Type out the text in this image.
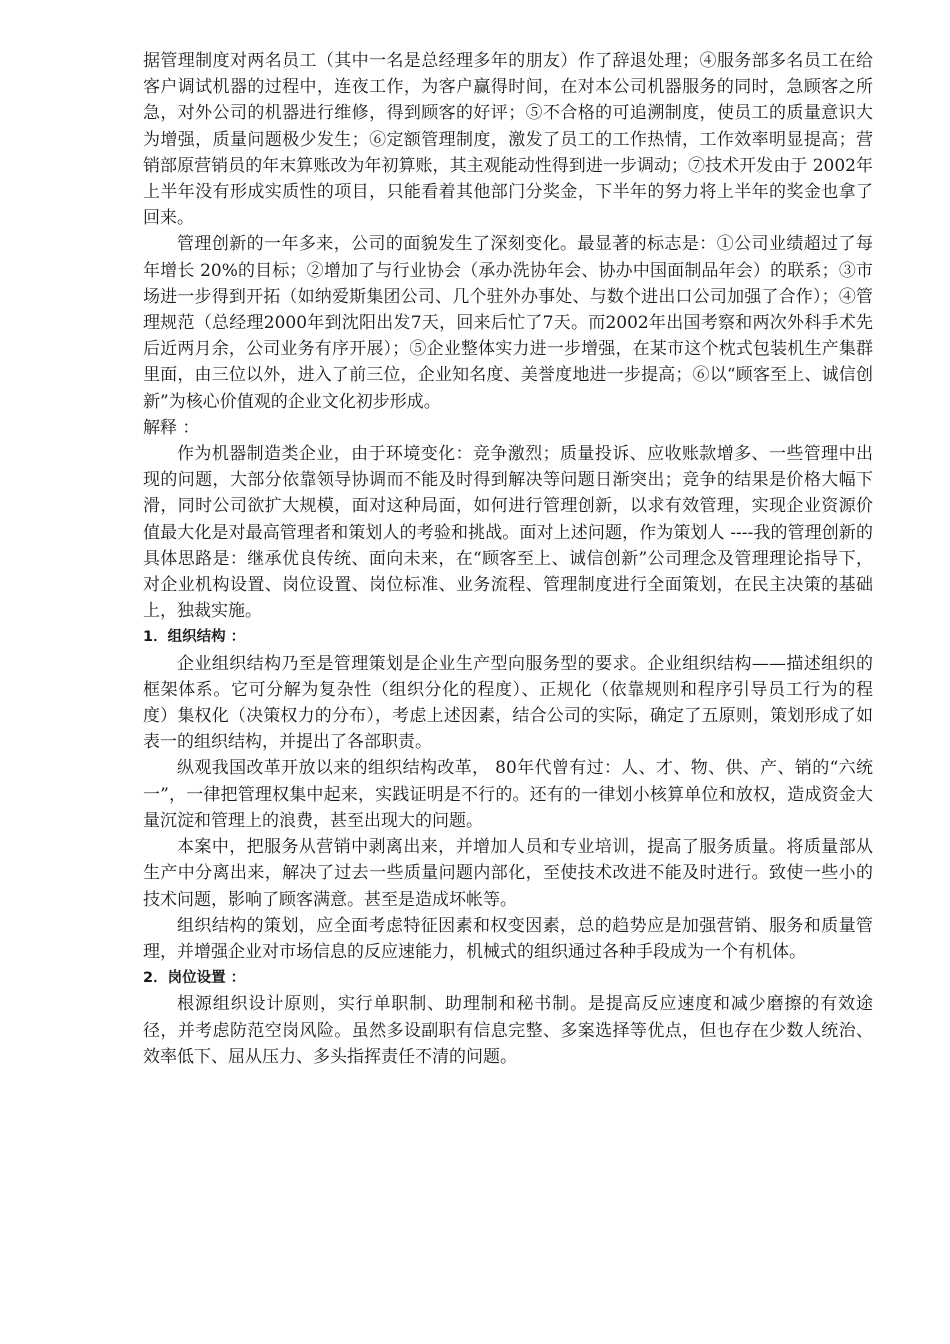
据管理制度对两名员工（其中一名是总经理多年的朋友）作了辞退处理；④服务部多名员工在给客户调试机器的过程中，连夜工作，为客户赢得时间，在对本公司机器服务的同时，急顾客之所急，对外公司的机器进行维修，得到顾客的好评；⑤不合格的可追溯制度，使员工的质量意识大为增强，质量问题极少发生；⑥定额管理制度，激发了员工的工作热情，工作效率明显提高；营销部原营销员的年末算账改为年初算账，其主观能动性得到进一步调动；⑦技术开发由于 2002年上半年没有形成实质性的项目，只能看着其他部门分奖金，下半年的努力将上半年的奖金也拿了回来。

管理创新的一年多来，公司的面貌发生了深刻变化。最显著的标志是：①公司业绩超过了每年增长 20%的目标；②增加了与行业协会（承办洗协年会、协办中国面制品年会）的联系；③市场进一步得到开拓（如纳爱斯集团公司、几个驻外办事处、与数个进出口公司加强了合作）；④管理规范（总经理2000年到沈阳出发7天，回来后忙了7天。而2002年出国考察和两次外科手术先后近两月余，公司业务有序开展）；⑤企业整体实力进一步增强，在某市这个枕式包装机生产集群里面，由三位以外，进入了前三位，企业知名度、美誉度地进一步提高；⑥以“顾客至上、诚信创新”为核心价值观的企业文化初步形成。

解释 ：

作为机器制造类企业，由于环境变化：竞争激烈；质量投诉、应收账款增多、一些管理中出现的问题，大部分依靠领导协调而不能及时得到解决等问题日渐突出；竞争的结果是价格大幅下滑，同时公司欲扩大规模，面对这种局面，如何进行管理创新，以求有效管理，实现企业资源价值最大化是对最高管理者和策划人的考验和挑战。面对上述问题，作为策划人 ----我的管理创新的具体思路是：继承优良传统、面向未来，在“顾客至上、诚信创新”公司理念及管理理论指导下，对企业机构设置、岗位设置、岗位标准、业务流程、管理制度进行全面策划，在民主决策的基础上，独裁实施。

1．组织结构 ：

企业组织结构乃至是管理策划是企业生产型向服务型的要求。企业组织结构——描述组织的框架体系。它可分解为复杂性（组织分化的程度）、正规化（依靠规则和程序引导员工行为的程度）集权化（决策权力的分布），考虑上述因素，结合公司的实际，确定了五原则，策划形成了如表一的组织结构，并提出了各部职责。

纵观我国改革开放以来的组织结构改革， 80年代曾有过：人、才、物、供、产、销的“六统一”，一律把管理权集中起来，实践证明是不行的。还有的一律划小核算单位和放权，造成资金大量沉淀和管理上的浪费，甚至出现大的问题。

本案中，把服务从营销中剥离出来，并增加人员和专业培训，提高了服务质量。将质量部从生产中分离出来，解决了过去一些质量问题内部化，至使技术改进不能及时进行。致使一些小的技术问题，影响了顾客满意。甚至是造成坏帐等。

组织结构的策划，应全面考虑特征因素和权变因素，总的趋势应是加强营销、服务和质量管理，并增强企业对市场信息的反应速能力，机械式的组织通过各种手段成为一个有机体。

2．岗位设置 ：

根源组织设计原则，实行单职制、助理制和秘书制。是提高反应速度和减少磨擦的有效途径，并考虑防范空岗风险。虽然多设副职有信息完整、多案选择等优点，但也存在少数人统治、效率低下、屈从压力、多头指挥责任不清的问题。
